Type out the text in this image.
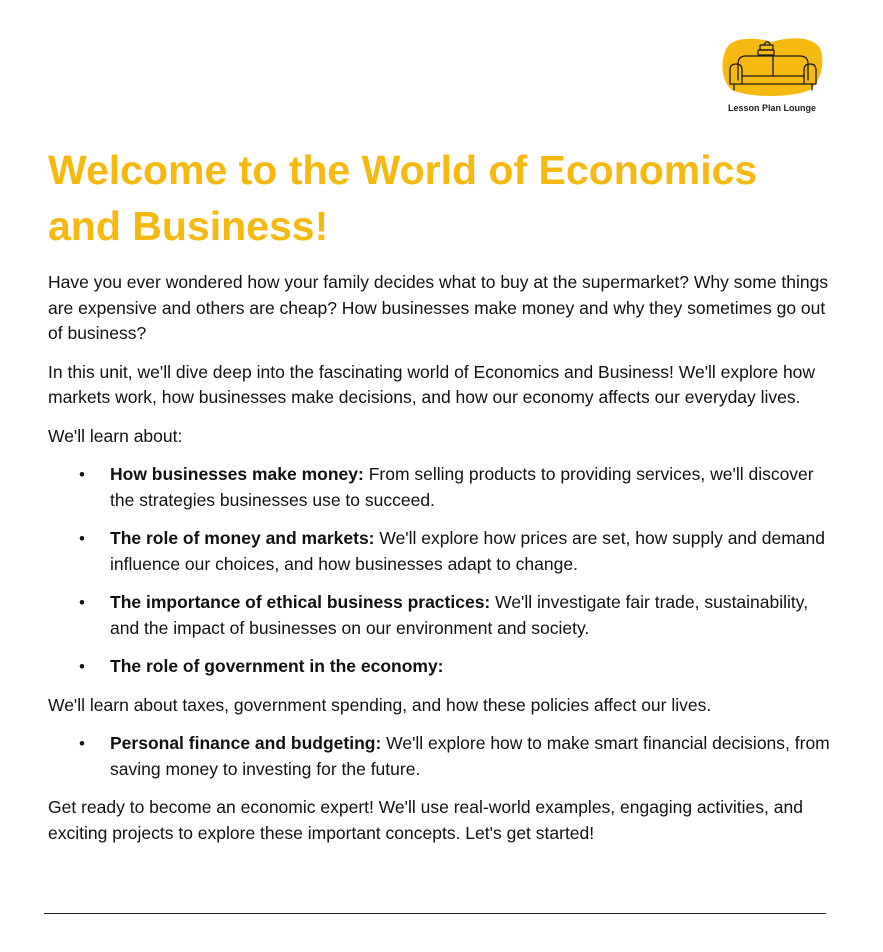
Lesson Plan Lounge
Welcome to the World of Economics and Business!

Have you ever wondered how your family decides what to buy at the supermarket? Why some things are expensive and others are cheap? How businesses make money and why they sometimes go out of business?

In this unit, we'll dive deep into the fascinating world of Economics and Business! We'll explore how markets work, how businesses make decisions, and how our economy affects our everyday lives.

We'll learn about:

• How businesses make money: From selling products to providing services, we'll discover the strategies businesses use to succeed.
• The role of money and markets: We'll explore how prices are set, how supply and demand influence our choices, and how businesses adapt to change.
• The importance of ethical business practices: We'll investigate fair trade, sustainability, and the impact of businesses on our environment and society.
• The role of government in the economy:

We'll learn about taxes, government spending, and how these policies affect our lives.

• Personal finance and budgeting: We'll explore how to make smart financial decisions, from saving money to investing for the future.

Get ready to become an economic expert! We'll use real-world examples, engaging activities, and exciting projects to explore these important concepts. Let's get started!
